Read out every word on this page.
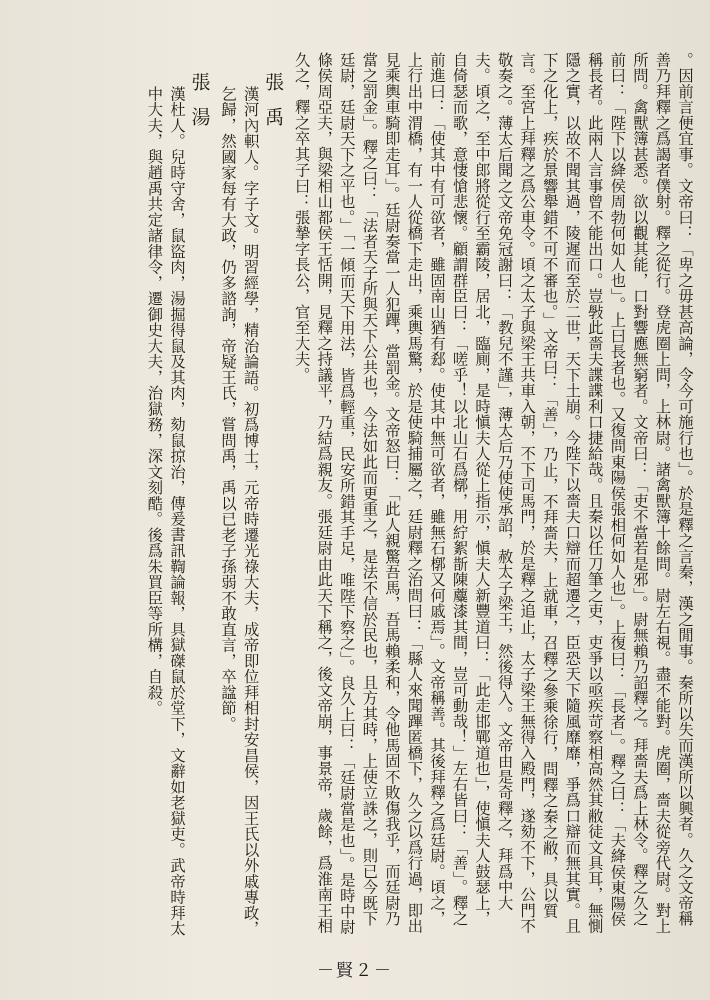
。因前言便宜事。文帝曰：「卑之毋甚高論，令今可施行也」。於是釋之言秦，漢之閒事。秦所以失而漢所以興者。久之文帝稱善乃拜釋之爲謁者僕射。釋之從行。登虎圈上問，上林尉。諸禽獸簿十餘問。尉左右視。盡不能對。虎圈，嗇夫從旁代尉。對上所問。禽獸簿甚悉。欲以觀其能，口對響應無窮者。文帝曰：「吏不當若是邪」。尉無賴乃詔釋之。拜嗇夫爲上林令。釋之久之前曰：「陛下以絳侯周勃何如人也」。上曰長者也。又復問東陽侯張相何如人也」。上復曰：「長者」。釋之曰：「夫絳侯東陽侯稱長者。此兩人言事曾不能出口。豈斅此嗇夫諜諜利口捷給哉。且秦以任刀筆之吏，吏爭以亟疾苛察相高然其敝徒文具耳，無惻隱之實，以故不聞其過，陵遲而至於二世，天下土崩。今陛下以嗇夫口辯而超遷之，臣恐天下隨風靡靡，爭爲口辯而無其實。且下之化上，疾於景響舉錯不可不審也。」文帝曰：「善」，乃止，不拜嗇夫，上就車，召釋之參乘徐行，問釋之秦之敝，具以質言。至宮上拜釋之爲公車令。頃之太子與梁王共車入朝，不下司馬門，於是釋之追止，太子梁王無得入殿門，遂劾不下，公門不敬奏之。薄太后聞之文帝免冠謝曰：「教兒不謹」，薄太后乃使使承詔，赦太子梁王，然後得入。文帝由是奇釋之，拜爲中大夫。頃之，至中郎將從行至霸陵，居北，臨廁，是時愼夫人從上指示，愼夫人新豐道曰：「此走邯鄲道也」，使愼夫人鼓瑟上，自倚瑟而歌，意悽愴悲懷。顧謂群臣曰：「嗟乎！以北山石爲槨，用紵絮斮陳蘪漆其間，豈可動哉！」左右皆曰：「善」。釋之前進曰：「使其中有可欲者，雖固南山猶有郄。使其中無可欲者，雖無石槨又何戚焉」。文帝稱善。其後拜釋之爲廷尉。頃之，上行出中渭橋，有一人從橋下走出，乘輿馬驚，於是使騎捕屬之，廷尉釋之治問曰：「縣人來聞蹕匿橋下，久之以爲行過，即出見乘輿車騎即走耳」。廷尉奏當一人犯蹕，當罰金。文帝怒曰：「此人親驚吾馬，吾馬賴柔和，令他馬固不敗傷我乎，而廷尉乃當之罰金」。釋之曰：「法者天子所與天下公共也，今法如此而更重之，是法不信於民也，且方其時，上使立誅之，則已今既下廷尉，廷尉天下之平也。」「一傾而天下用法，皆爲輕重，民安所錯其手足，唯陛下察之」。良久上曰：「廷尉當是也」。是時中尉條侯周亞夫，與梁相山都侯王恬開，見釋之持議平，乃結爲親友。張廷尉由此天下稱之，後文帝崩，事景帝，歲餘，爲淮南王相久之，釋之卒其子曰：張摯字長公，官至大夫。

張禹

漢河內軹人。字子文。明習經學，精治論語。初爲博士，元帝時遷光祿大夫，成帝即位拜相封安昌侯，因王氏以外戚專政，乞歸，然國家每有大政，仍多諮詢，帝疑王氏，嘗問禹，禹以已老子孫弱不敢直言，卒諡節。

張湯

漢杜人。兒時守舍，鼠盜肉，湯掘得鼠及其肉，劾鼠掠治，傳爰書訊鞫論報，具獄磔鼠於堂下，文辭如老獄吏。武帝時拜太中大夫，與趙禹共定諸律令，遷御史大夫，治獄務，深文刻酷。後爲朱買臣等所構，自殺。

－賢２－
